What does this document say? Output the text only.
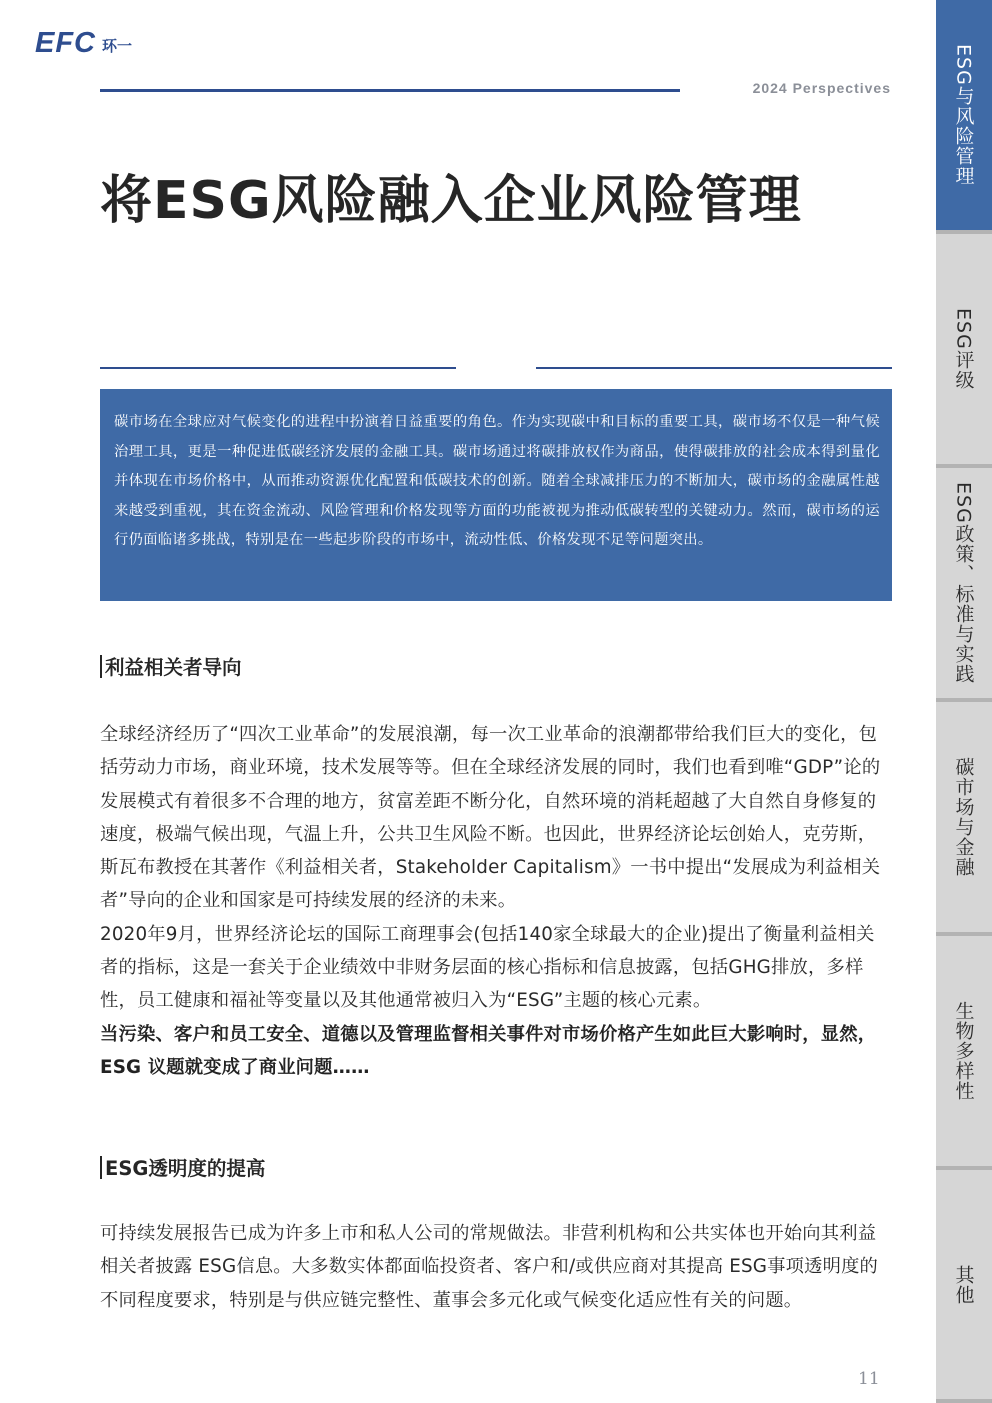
EFC 环一
2024 Perspectives
将ESG风险融入企业风险管理

碳市场在全球应对气候变化的进程中扮演着日益重要的角色。作为实现碳中和目标的重要工具，碳市场不仅是一种气候治理工具，更是一种促进低碳经济发展的金融工具。碳市场通过将碳排放权作为商品，使得碳排放的社会成本得到量化并体现在市场价格中，从而推动资源优化配置和低碳技术的创新。随着全球减排压力的不断加大，碳市场的金融属性越来越受到重视，其在资金流动、风险管理和价格发现等方面的功能被视为推动低碳转型的关键动力。然而，碳市场的运行仍面临诸多挑战，特别是在一些起步阶段的市场中，流动性低、价格发现不足等问题突出。

利益相关者导向

全球经济经历了“四次工业革命”的发展浪潮，每一次工业革命的浪潮都带给我们巨大的变化，包括劳动力市场，商业环境，技术发展等等。但在全球经济发展的同时，我们也看到唯“GDP”论的发展模式有着很多不合理的地方，贫富差距不断分化，自然环境的消耗超越了大自然自身修复的速度，极端气候出现，气温上升，公共卫生风险不断。也因此，世界经济论坛创始人，克劳斯，斯瓦布教授在其著作《利益相关者，Stakeholder Capitalism》一书中提出“发展成为利益相关者”导向的企业和国家是可持续发展的经济的未来。

2020年9月，世界经济论坛的国际工商理事会(包括140家全球最大的企业)提出了衡量利益相关者的指标，这是一套关于企业绩效中非财务层面的核心指标和信息披露，包括GHG排放，多样性，员工健康和福祉等变量以及其他通常被归入为“ESG”主题的核心元素。

当污染、客户和员工安全、道德以及管理监督相关事件对市场价格产生如此巨大影响时，显然，ESG 议题就变成了商业问题……

ESG透明度的提高

可持续发展报告已成为许多上市和私人公司的常规做法。非营利机构和公共实体也开始向其利益相关者披露 ESG信息。大多数实体都面临投资者、客户和/或供应商对其提高 ESG事项透明度的不同程度要求，特别是与供应链完整性、董事会多元化或气候变化适应性有关的问题。

11
ESG与风险管理
ESG评级
ESG政策、标准与实践
碳市场与金融
生物多样性
其他
